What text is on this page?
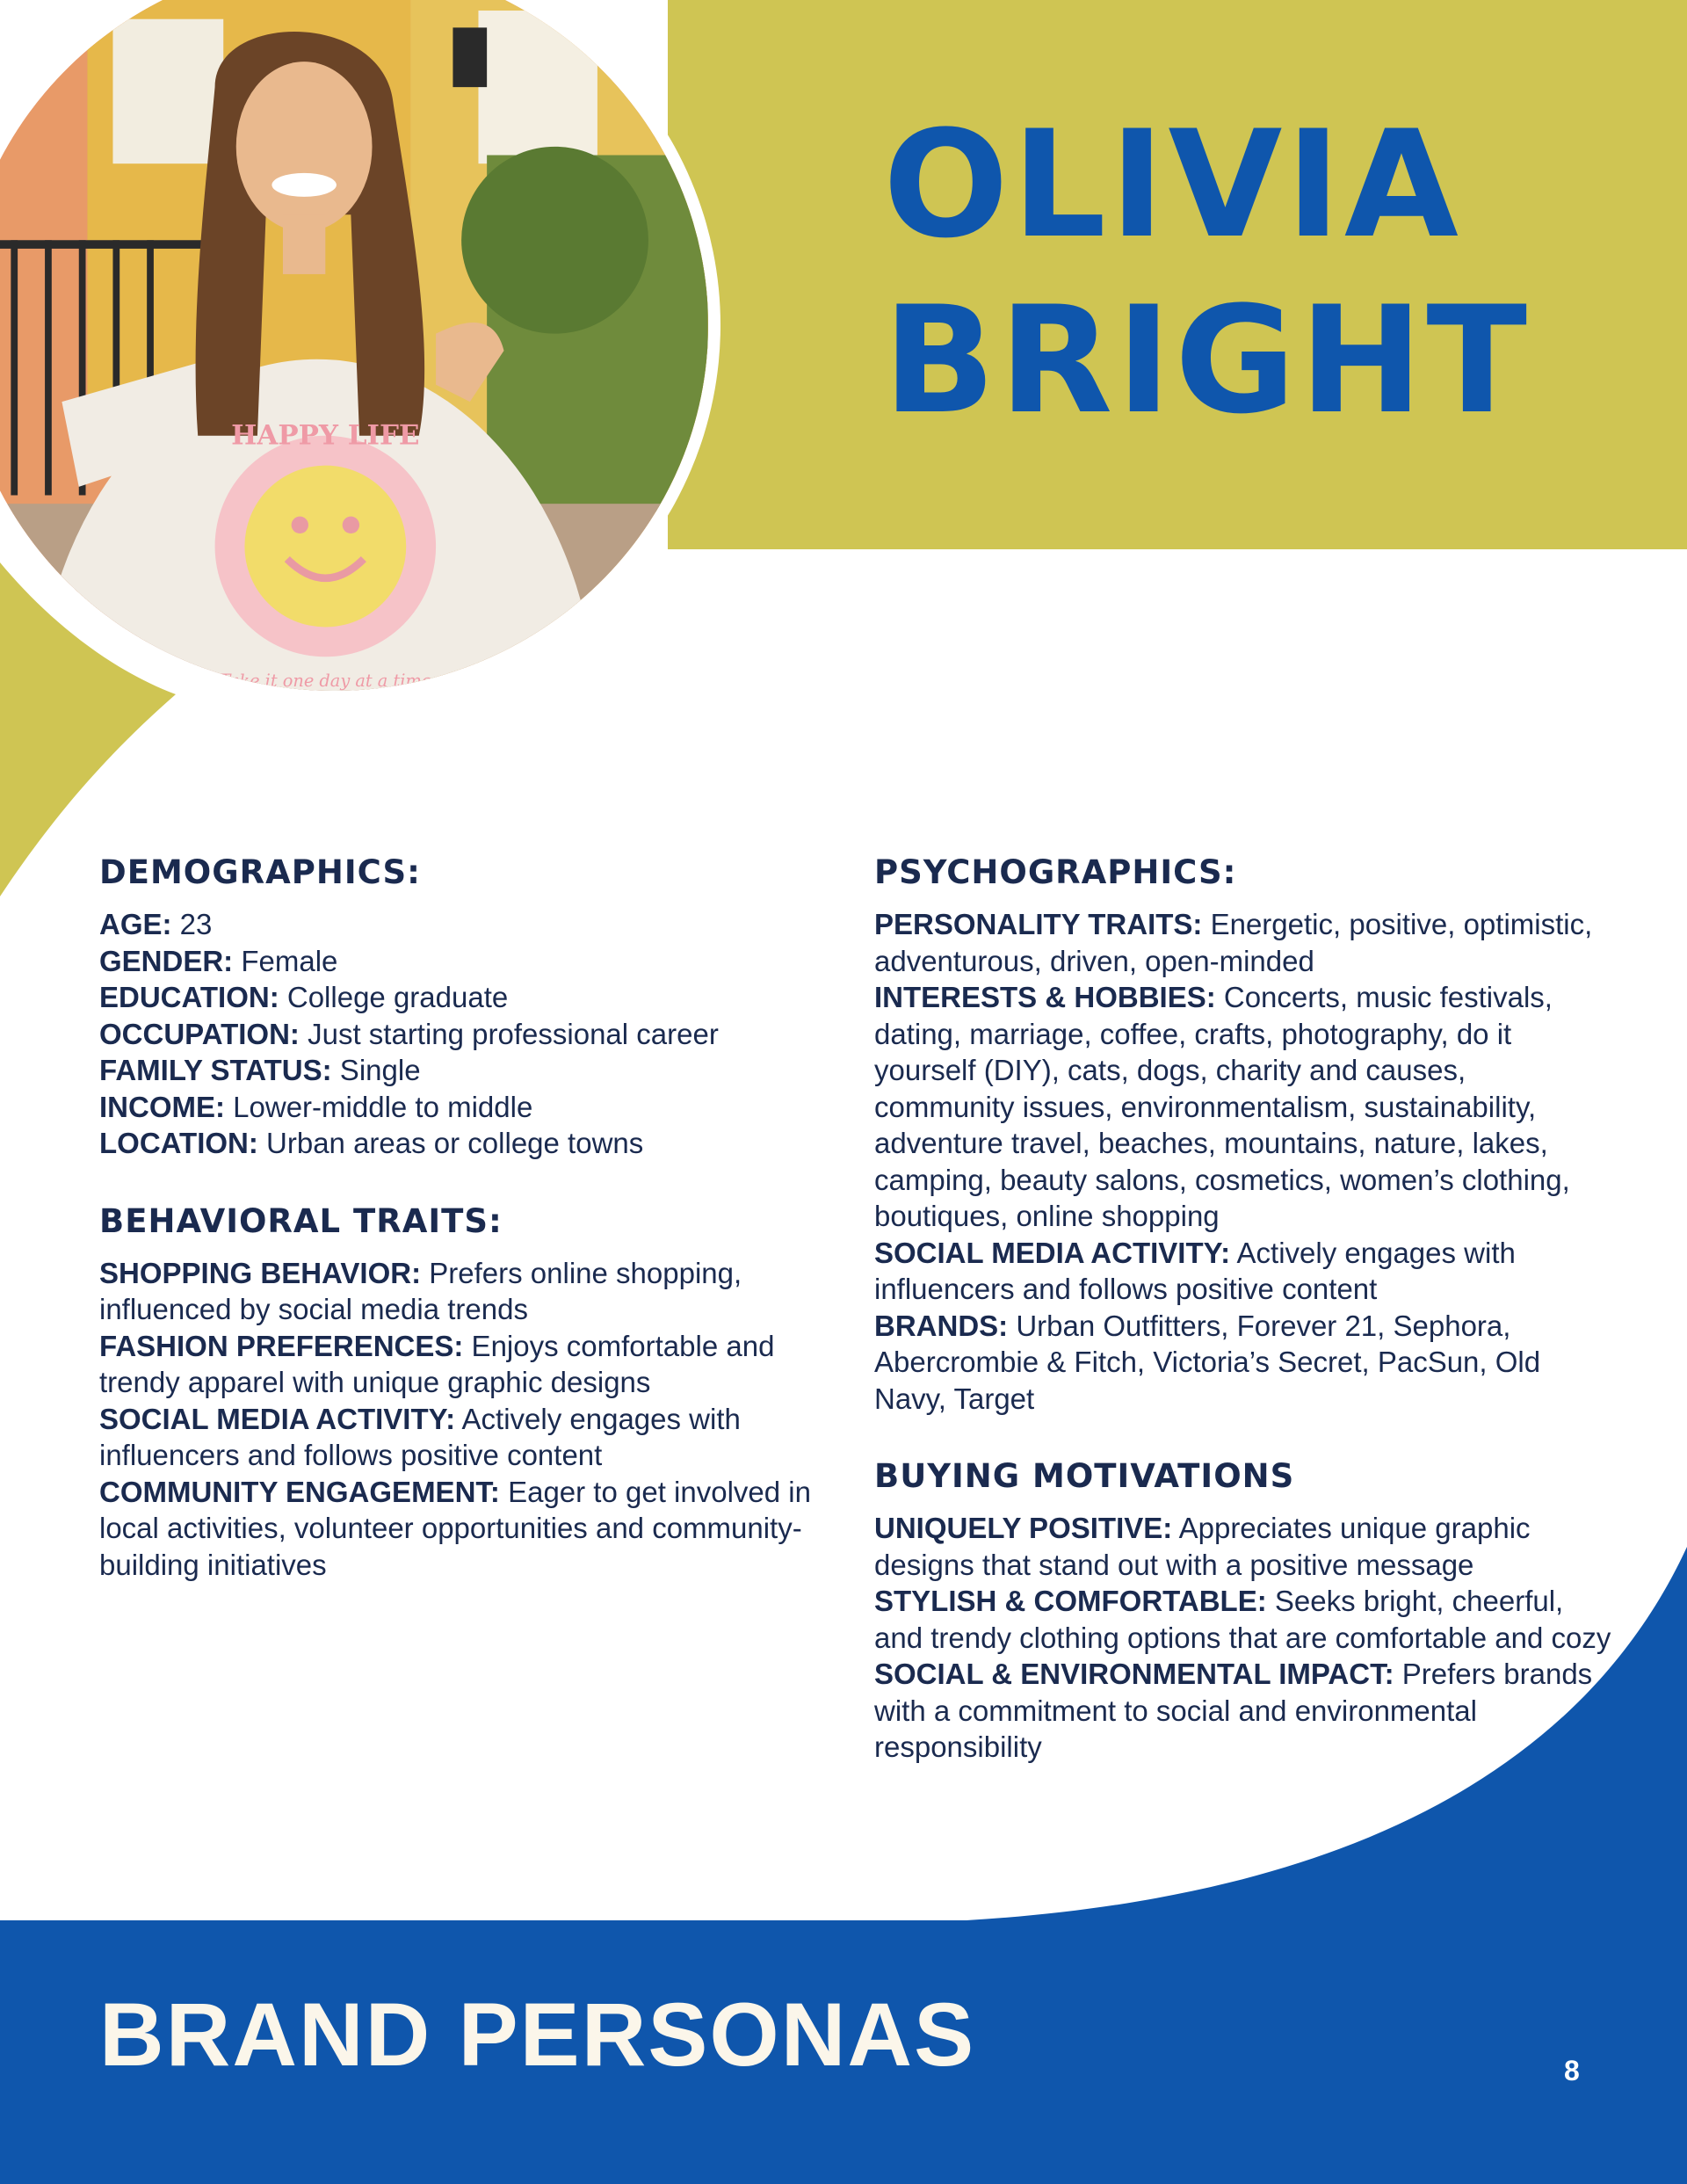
HAPPY LIFE
Take it one day at a time
OLIVIA
BRIGHT
DEMOGRAPHICS:
AGE: 23
GENDER: Female
EDUCATION: College graduate
OCCUPATION: Just starting professional career
FAMILY STATUS: Single
INCOME: Lower-middle to middle
LOCATION: Urban areas or college towns
BEHAVIORAL TRAITS:
SHOPPING BEHAVIOR: Prefers online shopping, influenced by social media trends
FASHION PREFERENCES: Enjoys comfortable and trendy apparel with unique graphic designs
SOCIAL MEDIA ACTIVITY: Actively engages with influencers and follows positive content
COMMUNITY ENGAGEMENT: Eager to get involved in local activities, volunteer opportunities and community-building initiatives
PSYCHOGRAPHICS:
PERSONALITY TRAITS: Energetic, positive, optimistic, adventurous, driven, open-minded
INTERESTS & HOBBIES: Concerts, music festivals, dating, marriage, coffee, crafts, photography, do it yourself (DIY), cats, dogs, charity and causes, community issues, environmentalism, sustainability, adventure travel, beaches, mountains, nature, lakes, camping, beauty salons, cosmetics, women’s clothing, boutiques, online shopping
SOCIAL MEDIA ACTIVITY: Actively engages with influencers and follows positive content
BRANDS: Urban Outfitters, Forever 21, Sephora, Abercrombie & Fitch, Victoria’s Secret, PacSun, Old Navy, Target
BUYING MOTIVATIONS
UNIQUELY POSITIVE: Appreciates unique graphic designs that stand out with a positive message
STYLISH & COMFORTABLE: Seeks bright, cheerful, and trendy clothing options that are comfortable and cozy
SOCIAL & ENVIRONMENTAL IMPACT: Prefers brands with a commitment to social and environmental responsibility
BRAND PERSONAS	8
